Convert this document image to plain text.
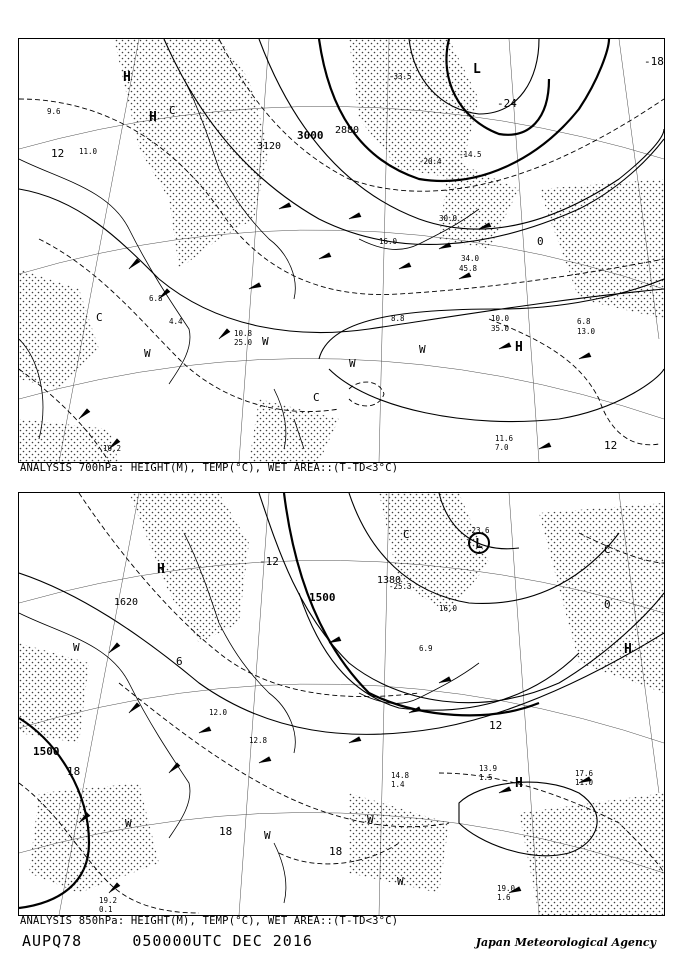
3000 2880
3120
12
0
-18
-24
12
H
H
L
H
C
W
W
W
C
C
W
9.6
11.0
10.0	6.8
11.6
8.8
10.8
30.0
35.0	13.0
7.0
10.2
25.0
6.8
4.4
-33.5
-20.4
-14.5
16.0
45.8
34.0
ANALYSIS 700hPa: HEIGHT(M), TEMP(°C), WET AREA::(T-TD<3°C)
1500
1500
1380
1620
18
18
18
12
0
-12
6
H
H
H
L	C
W
W
W
W
W
C
12.8
13.9
1.5	17.6
11.0
14.8
1.4
19.0
1.6
19.2
0.1
12.0
-23.6
-25.3
6.9
16.0
ANALYSIS 850hPa: HEIGHT(M), TEMP(°C), WET AREA::(T-TD<3°C)
AUPQ78	050000UTC DEC 2016	Japan Meteorological Agency
